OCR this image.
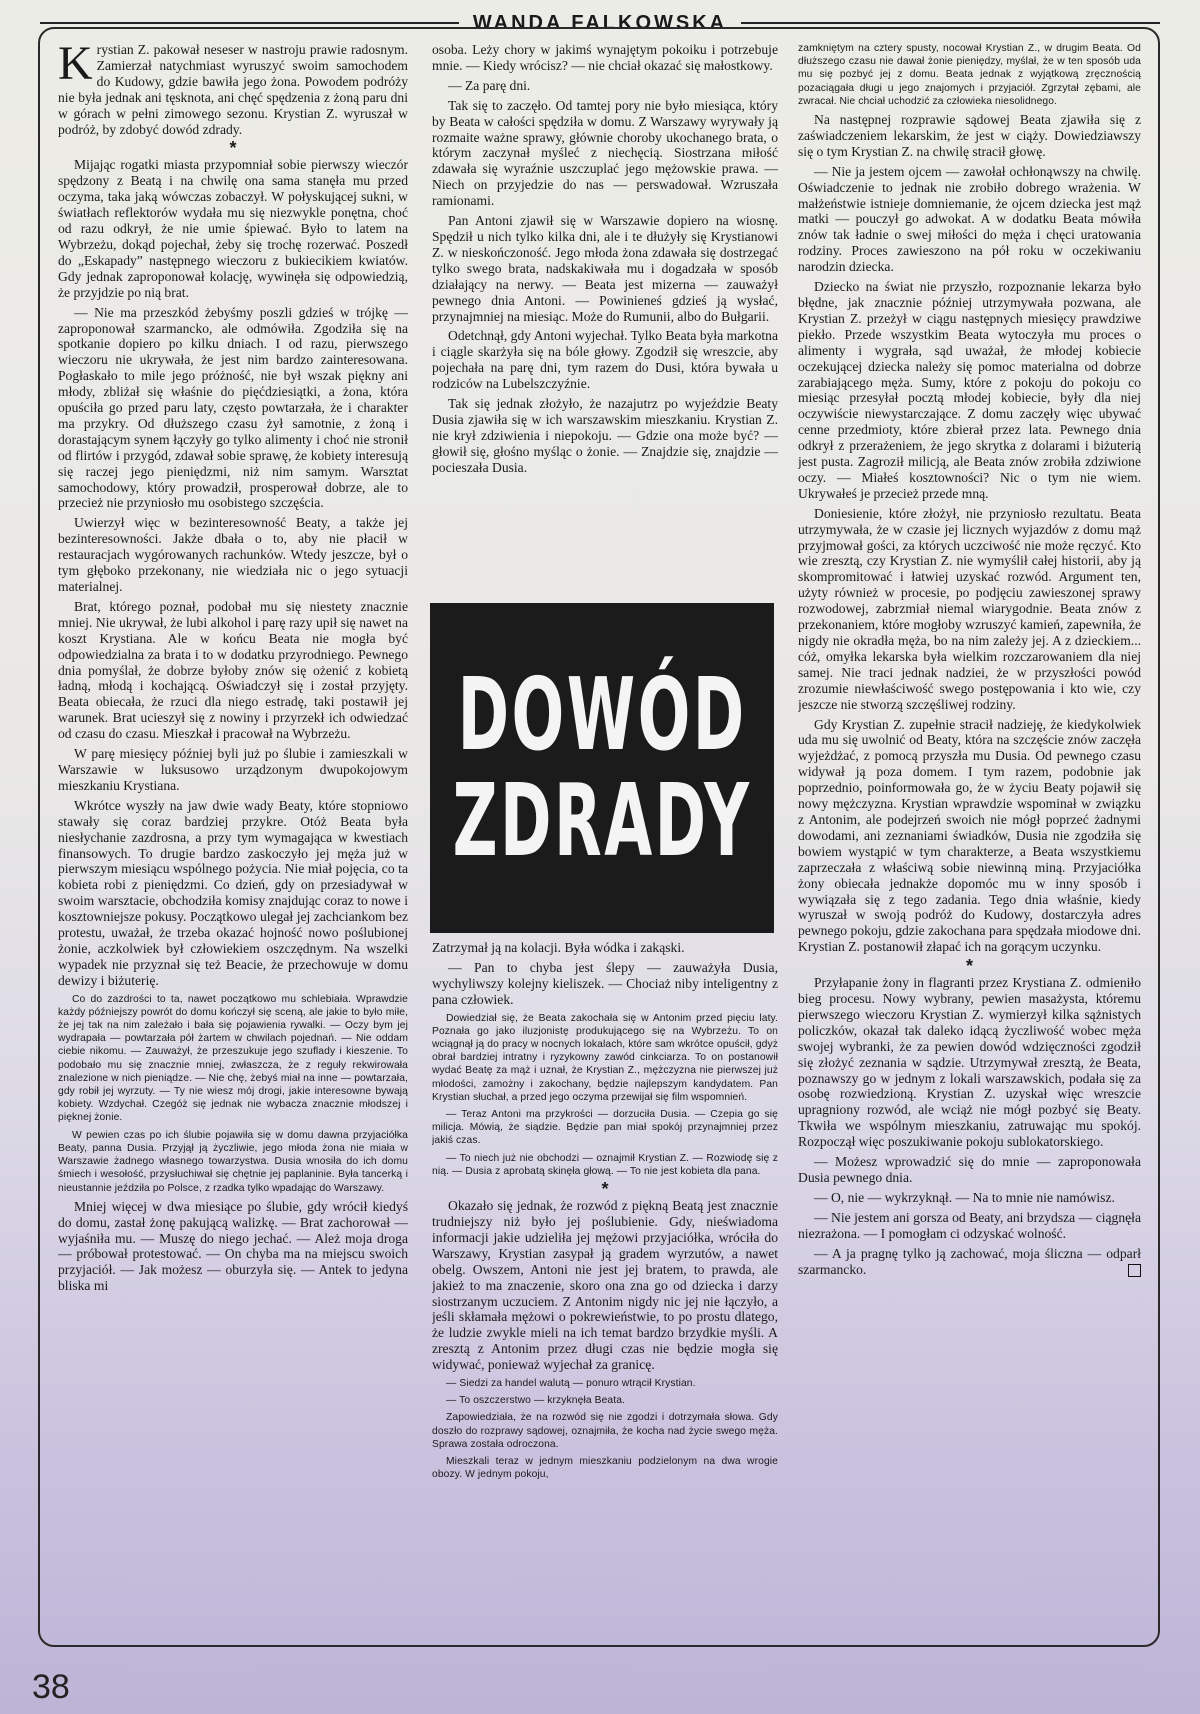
WANDA FALKOWSKA

Krystian Z. pakował neseser w nastroju prawie radosnym. Zamierzał natychmiast wyruszyć swoim samochodem do Kudowy, gdzie bawiła jego żona. Powodem podróży nie była jednak ani tęsknota, ani chęć spędzenia z żoną paru dni w górach w pełni zimowego sezonu. Krystian Z. wyruszał w podróż, by zdobyć dowód zdrady.

*

Mijając rogatki miasta przypomniał sobie pierwszy wieczór spędzony z Beatą i na chwilę ona sama stanęła mu przed oczyma, taka jaką wówczas zobaczył. W połyskującej sukni, w światłach reflektorów wydała mu się niezwykle ponętna, choć od razu odkrył, że nie umie śpiewać. Było to latem na Wybrzeżu, dokąd pojechał, żeby się trochę rozerwać. Poszedł do „Eskapady” następnego wieczoru z bukiecikiem kwiatów. Gdy jednak zaproponował kolację, wywinęła się odpowiedzią, że przyjdzie po nią brat.

— Nie ma przeszkód żebyśmy poszli gdzieś w trójkę — zaproponował szarmancko, ale odmówiła. Zgodziła się na spotkanie dopiero po kilku dniach. I od razu, pierwszego wieczoru nie ukrywała, że jest nim bardzo zainteresowana. Pogłaskało to mile jego próżność, nie był wszak piękny ani młody, zbliżał się właśnie do pięćdziesiątki, a żona, która opuściła go przed paru laty, często powtarzała, że i charakter ma przykry. Od dłuższego czasu żył samotnie, z żoną i dorastającym synem łączyły go tylko alimenty i choć nie stronił od flirtów i przygód, zdawał sobie sprawę, że kobiety interesują się raczej jego pieniędzmi, niż nim samym. Warsztat samochodowy, który prowadził, prosperował dobrze, ale to przecież nie przyniosło mu osobistego szczęścia.

Uwierzył więc w bezinteresowność Beaty, a także jej bezinteresowności. Jakże dbała o to, aby nie płacił w restauracjach wygórowanych rachunków. Wtedy jeszcze, był o tym głęboko przekonany, nie wiedziała nic o jego sytuacji materialnej.

Brat, którego poznał, podobał mu się niestety znacznie mniej. Nie ukrywał, że lubi alkohol i parę razy upił się nawet na koszt Krystiana. Ale w końcu Beata nie mogła być odpowiedzialna za brata i to w dodatku przyrodniego. Pewnego dnia pomyślał, że dobrze byłoby znów się ożenić z kobietą ładną, młodą i kochającą. Oświadczył się i został przyjęty. Beata obiecała, że rzuci dla niego estradę, taki postawił jej warunek. Brat ucieszył się z nowiny i przyrzekł ich odwiedzać od czasu do czasu. Mieszkał i pracował na Wybrzeżu.

W parę miesięcy później byli już po ślubie i zamieszkali w Warszawie w luksusowo urządzonym dwupokojowym mieszkaniu Krystiana.

Wkrótce wyszły na jaw dwie wady Beaty, które stopniowo stawały się coraz bardziej przykre. Otóż Beata była niesłychanie zazdrosna, a przy tym wymagająca w kwestiach finansowych. To drugie bardzo zaskoczyło jej męża już w pierwszym miesiącu wspólnego pożycia. Nie miał pojęcia, co ta kobieta robi z pieniędzmi. Co dzień, gdy on przesiadywał w swoim warsztacie, obchodziła komisy znajdując coraz to nowe i kosztowniejsze pokusy. Początkowo ulegał jej zachciankom bez protestu, uważał, że trzeba okazać hojność nowo poślubionej żonie, aczkolwiek był człowiekiem oszczędnym. Na wszelki wypadek nie przyznał się też Beacie, że przechowuje w domu dewizy i biżuterię.

Co do zazdrości to ta, nawet początkowo mu schlebiała. Wprawdzie każdy późniejszy powrót do domu kończył się sceną, ale jakie to było miłe, że jej tak na nim zależało i bała się pojawienia rywalki. — Oczy bym jej wydrapała — powtarzała pół żartem w chwilach pojednań. — Nie oddam ciebie nikomu. — Zauważył, że przeszukuje jego szuflady i kieszenie. To podobało mu się znacznie mniej, zwłaszcza, że z reguły rekwirowała znalezione w nich pieniądze. — Nie chę, żebyś miał na inne — powtarzała, gdy robił jej wyrzuty. — Ty nie wiesz mój drogi, jakie interesowne bywają kobiety. Wzdychał. Czegóż się jednak nie wybacza znacznie młodszej i pięknej żonie.

W pewien czas po ich ślubie pojawiła się w domu dawna przyjaciółka Beaty, panna Dusia. Przyjął ją życzliwie, jego młoda żona nie miała w Warszawie żadnego własnego towarzystwa. Dusia wnosiła do ich domu śmiech i wesołość, przysłuchiwał się chętnie jej paplaninie. Była tancerką i nieustannie jeździła po Polsce, z rzadka tylko wpadając do Warszawy.

Mniej więcej w dwa miesiące po ślubie, gdy wrócił kiedyś do domu, zastał żonę pakującą walizkę. — Brat zachorował — wyjaśniła mu. — Muszę do niego jechać. — Ależ moja droga — próbował protestować. — On chyba ma na miejscu swoich przyjaciół. — Jak możesz — oburzyła się. — Antek to jedyna bliska mi

osoba. Leży chory w jakimś wynajętym pokoiku i potrzebuje mnie. — Kiedy wrócisz? — nie chciał okazać się małostkowy.

— Za parę dni.

Tak się to zaczęło. Od tamtej pory nie było miesiąca, który by Beata w całości spędziła w domu. Z Warszawy wyrywały ją rozmaite ważne sprawy, głównie choroby ukochanego brata, o którym zaczynał myśleć z niechęcią. Siostrzana miłość zdawała się wyraźnie uszczuplać jego mężowskie prawa. — Niech on przyjedzie do nas — perswadował. Wzruszała ramionami.

Pan Antoni zjawił się w Warszawie dopiero na wiosnę. Spędził u nich tylko kilka dni, ale i te dłużyły się Krystianowi Z. w nieskończoność. Jego młoda żona zdawała się dostrzegać tylko swego brata, nadskakiwała mu i dogadzała w sposób działający na nerwy. — Beata jest mizerna — zauważył pewnego dnia Antoni. — Powinieneś gdzieś ją wysłać, przynajmniej na miesiąc. Może do Rumunii, albo do Bułgarii.

Odetchnął, gdy Antoni wyjechał. Tylko Beata była markotna i ciągle skarżyła się na bóle głowy. Zgodził się wreszcie, aby pojechała na parę dni, tym razem do Dusi, która bywała u rodziców na Lubelszczyźnie.

Tak się jednak złożyło, że nazajutrz po wyjeździe Beaty Dusia zjawiła się w ich warszawskim mieszkaniu. Krystian Z. nie krył zdziwienia i niepokoju. — Gdzie ona może być? — głowił się, głośno myśląc o żonie. — Znajdzie się, znajdzie — pocieszała Dusia.

DOWÓD
ZDRADY

Zatrzymał ją na kolacji. Była wódka i zakąski.

— Pan to chyba jest ślepy — zauważyła Dusia, wychyliwszy kolejny kieliszek. — Chociaż niby inteligentny z pana człowiek.

Dowiedział się, że Beata zakochała się w Antonim przed pięciu laty. Poznała go jako iluzjonistę produkującego się na Wybrzeżu. To on wciągnął ją do pracy w nocnych lokalach, które sam wkrótce opuścił, gdyż obrał bardziej intratny i ryzykowny zawód cinkciarza. To on postanowił wydać Beatę za mąż i uznał, że Krystian Z., mężczyzna nie pierwszej już młodości, zamożny i zakochany, będzie najlepszym kandydatem. Pan Krystian słuchał, a przed jego oczyma przewijał się film wspomnień.

— Teraz Antoni ma przykrości — dorzuciła Dusia. — Czepia go się milicja. Mówią, że siądzie. Będzie pan miał spokój przynajmniej przez jakiś czas.

— To niech już nie obchodzi — oznajmił Krystian Z. — Rozwiodę się z nią. — Dusia z aprobatą skinęła głową. — To nie jest kobieta dla pana.

*

Okazało się jednak, że rozwód z piękną Beatą jest znacznie trudniejszy niż było jej poślubienie. Gdy, nieświadoma informacji jakie udzieliła jej mężowi przyjaciółka, wróciła do Warszawy, Krystian zasypał ją gradem wyrzutów, a nawet obelg. Owszem, Antoni nie jest jej bratem, to prawda, ale jakież to ma znaczenie, skoro ona zna go od dziecka i darzy siostrzanym uczuciem. Z Antonim nigdy nic jej nie łączyło, a jeśli skłamała mężowi o pokrewieństwie, to po prostu dlatego, że ludzie zwykle mieli na ich temat bardzo brzydkie myśli. A zresztą z Antonim przez długi czas nie będzie mogła się widywać, ponieważ wyjechał za granicę.

— Siedzi za handel walutą — ponuro wtrącił Krystian.

— To oszczerstwo — krzyknęła Beata.

Zapowiedziała, że na rozwód się nie zgodzi i dotrzymała słowa. Gdy doszło do rozprawy sądowej, oznajmiła, że kocha nad życie swego męża. Sprawa została odroczona.

Mieszkali teraz w jednym mieszkaniu podzielonym na dwa wrogie obozy. W jednym pokoju,

zamkniętym na cztery spusty, nocował Krystian Z., w drugim Beata. Od dłuższego czasu nie dawał żonie pieniędzy, myślał, że w ten sposób uda mu się pozbyć jej z domu. Beata jednak z wyjątkową zręcznością pozaciągała długi u jego znajomych i przyjaciół. Zgrzytał zębami, ale zwracał. Nie chciał uchodzić za człowieka niesolidnego.

Na następnej rozprawie sądowej Beata zjawiła się z zaświadczeniem lekarskim, że jest w ciąży. Dowiedziawszy się o tym Krystian Z. na chwilę stracił głowę.

— Nie ja jestem ojcem — zawołał ochłonąwszy na chwilę. Oświadczenie to jednak nie zrobiło dobrego wrażenia. W małżeństwie istnieje domniemanie, że ojcem dziecka jest mąż matki — pouczył go adwokat. A w dodatku Beata mówiła znów tak ładnie o swej miłości do męża i chęci uratowania rodziny. Proces zawieszono na pół roku w oczekiwaniu narodzin dziecka.

Dziecko na świat nie przyszło, rozpoznanie lekarza było błędne, jak znacznie później utrzymywała pozwana, ale Krystian Z. przeżył w ciągu następnych miesięcy prawdziwe piekło. Przede wszystkim Beata wytoczyła mu proces o alimenty i wygrała, sąd uważał, że młodej kobiecie oczekującej dziecka należy się pomoc materialna od dobrze zarabiającego męża. Sumy, które z pokoju do pokoju co miesiąc przesyłał pocztą młodej kobiecie, były dla niej oczywiście niewystarczające. Z domu zaczęły więc ubywać cenne przedmioty, które zbierał przez lata. Pewnego dnia odkrył z przerażeniem, że jego skrytka z dolarami i biżuterią jest pusta. Zagroził milicją, ale Beata znów zrobiła zdziwione oczy. — Miałeś kosztowności? Nic o tym nie wiem. Ukrywałeś je przecież przede mną.

Doniesienie, które złożył, nie przyniosło rezultatu. Beata utrzymywała, że w czasie jej licznych wyjazdów z domu mąż przyjmował gości, za których uczciwość nie może ręczyć. Kto wie zresztą, czy Krystian Z. nie wymyślił całej historii, aby ją skompromitować i łatwiej uzyskać rozwód. Argument ten, użyty również w procesie, po podjęciu zawieszonej sprawy rozwodowej, zabrzmiał niemal wiarygodnie. Beata znów z przekonaniem, które mogłoby wzruszyć kamień, zapewniła, że nigdy nie okradła męża, bo na nim zależy jej. A z dzieckiem... cóż, omyłka lekarska była wielkim rozczarowaniem dla niej samej. Nie traci jednak nadziei, że w przyszłości powód zrozumie niewłaściwość swego postępowania i kto wie, czy jeszcze nie stworzą szczęśliwej rodziny.

Gdy Krystian Z. zupełnie stracił nadzieję, że kiedykolwiek uda mu się uwolnić od Beaty, która na szczęście znów zaczęła wyjeżdżać, z pomocą przyszła mu Dusia. Od pewnego czasu widywał ją poza domem. I tym razem, podobnie jak poprzednio, poinformowała go, że w życiu Beaty pojawił się nowy mężczyzna. Krystian wprawdzie wspominał w związku z Antonim, ale podejrzeń swoich nie mógł poprzeć żadnymi dowodami, ani zeznaniami świadków, Dusia nie zgodziła się bowiem wystąpić w tym charakterze, a Beata wszystkiemu zaprzeczała z właściwą sobie niewinną miną. Przyjaciółka żony obiecała jednakże dopomóc mu w inny sposób i wywiązała się z tego zadania. Tego dnia właśnie, kiedy wyruszał w swoją podróż do Kudowy, dostarczyła adres pewnego pokoju, gdzie zakochana para spędzała miodowe dni. Krystian Z. postanowił złapać ich na gorącym uczynku.

*

Przyłapanie żony in flagranti przez Krystiana Z. odmieniło bieg procesu. Nowy wybrany, pewien masażysta, któremu pierwszego wieczoru Krystian Z. wymierzył kilka sążnistych policzków, okazał tak daleko idącą życzliwość wobec męża swojej wybranki, że za pewien dowód wdzięczności zgodził się złożyć zeznania w sądzie. Utrzymywał zresztą, że Beata, poznawszy go w jednym z lokali warszawskich, podała się za osobę rozwiedzioną. Krystian Z. uzyskał więc wreszcie upragniony rozwód, ale wciąż nie mógł pozbyć się Beaty. Tkwiła we wspólnym mieszkaniu, zatruwając mu spokój. Rozpoczął więc poszukiwanie pokoju sublokatorskiego.

— Możesz wprowadzić się do mnie — zaproponowała Dusia pewnego dnia.

— O, nie — wykrzyknął. — Na to mnie nie namówisz.

— Nie jestem ani gorsza od Beaty, ani brzydsza — ciągnęła niezrażona. — I pomogłam ci odzyskać wolność.

— A ja pragnę tylko ją zachować, moja śliczna — odparł szarmancko.

38
